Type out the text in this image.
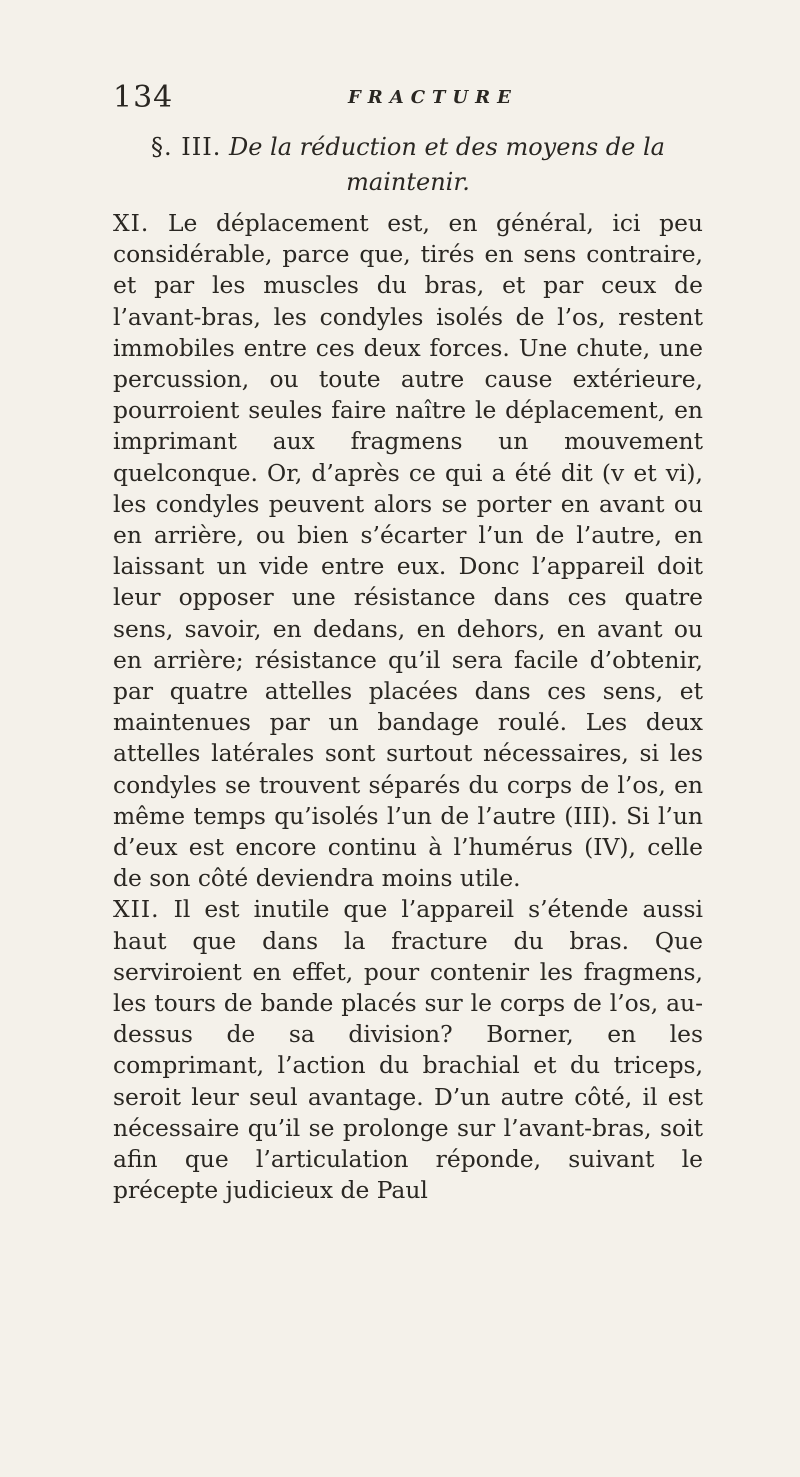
134	FRACTURE
§. III. De la réduction et des moyens de la maintenir.

XI. Le déplacement est, en général, ici peu considérable, parce que, tirés en sens contraire, et par les muscles du bras, et par ceux de l’avant-bras, les condyles isolés de l’os, restent immobiles entre ces deux forces. Une chute, une percussion, ou toute autre cause extérieure, pourroient seules faire naître le déplacement, en imprimant aux fragmens un mouvement quelconque. Or, d’après ce qui a été dit (v et vi), les condyles peuvent alors se porter en avant ou en arrière, ou bien s’écarter l’un de l’autre, en laissant un vide entre eux. Donc l’appareil doit leur opposer une résistance dans ces quatre sens, savoir, en dedans, en dehors, en avant ou en arrière; résistance qu’il sera facile d’obtenir, par quatre attelles placées dans ces sens, et maintenues par un bandage roulé. Les deux attelles latérales sont surtout nécessaires, si les condyles se trouvent séparés du corps de l’os, en même temps qu’isolés l’un de l’autre (III). Si l’un d’eux est encore continu à l’humérus (IV), celle de son côté deviendra moins utile.

XII. Il est inutile que l’appareil s’étende aussi haut que dans la fracture du bras. Que serviroient en effet, pour contenir les fragmens, les tours de bande placés sur le corps de l’os, au-dessus de sa division? Borner, en les comprimant, l’action du brachial et du triceps, seroit leur seul avantage. D’un autre côté, il est nécessaire qu’il se prolonge sur l’avant-bras, soit afin que l’articulation réponde, suivant le précepte judicieux de Paul
